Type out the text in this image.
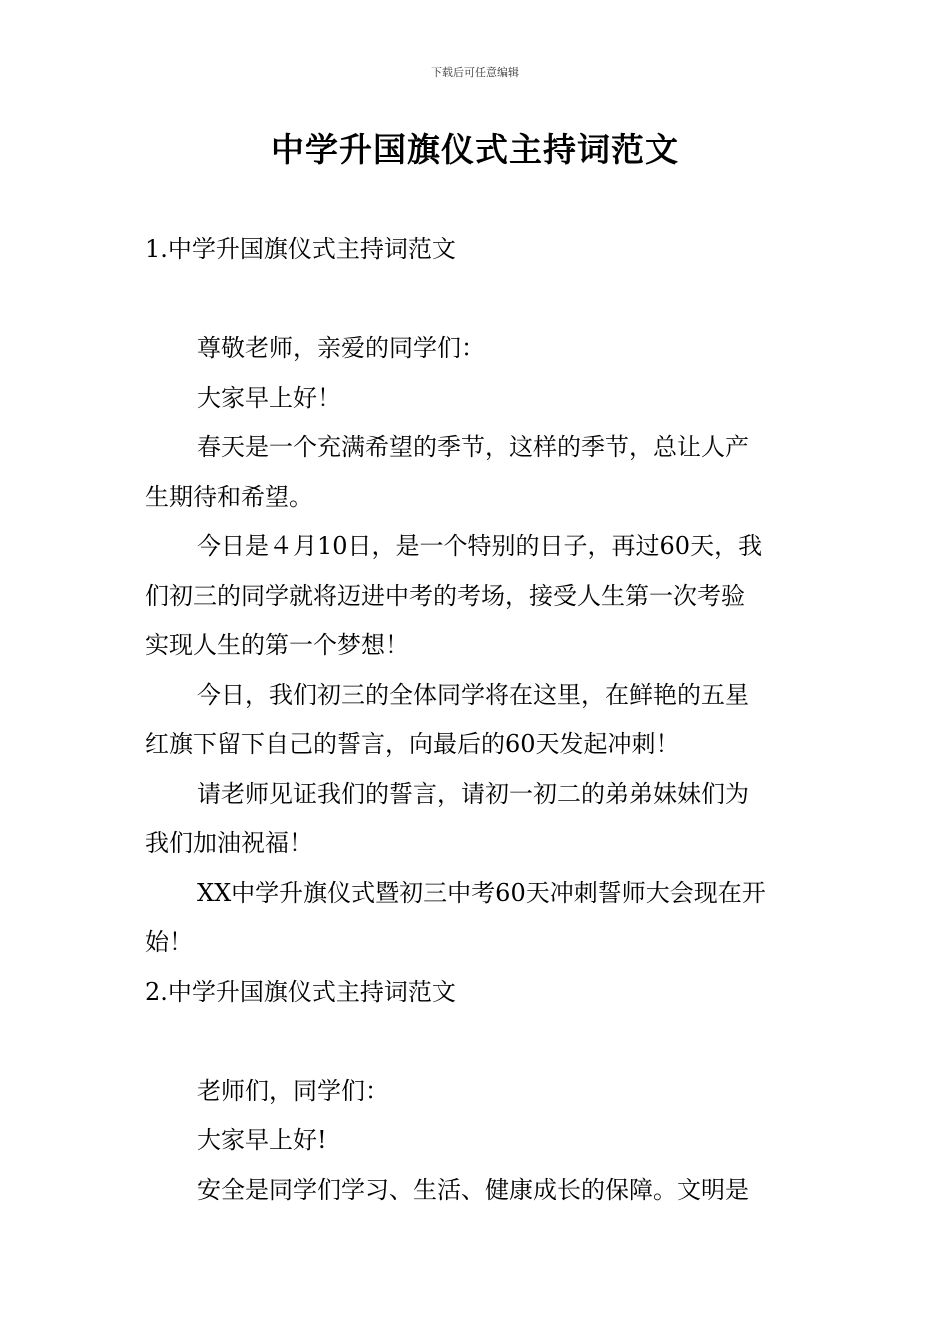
下载后可任意编辑
中学升国旗仪式主持词范文

1.中学升国旗仪式主持词范文

尊敬老师，亲爱的同学们：

大家早上好！

春天是一个充满希望的季节，这样的季节，总让人产

生期待和希望。

今日是４月10日，是一个特别的日子，再过60天，我

们初三的同学就将迈进中考的考场，接受人生第一次考验

实现人生的第一个梦想！

今日，我们初三的全体同学将在这里，在鲜艳的五星

红旗下留下自己的誓言，向最后的60天发起冲刺！

请老师见证我们的誓言，请初一初二的弟弟妹妹们为

我们加油祝福！

XX中学升旗仪式暨初三中考60天冲刺誓师大会现在开

始！

2.中学升国旗仪式主持词范文

老师们，同学们：

大家早上好!

安全是同学们学习、生活、健康成长的保障。文明是
